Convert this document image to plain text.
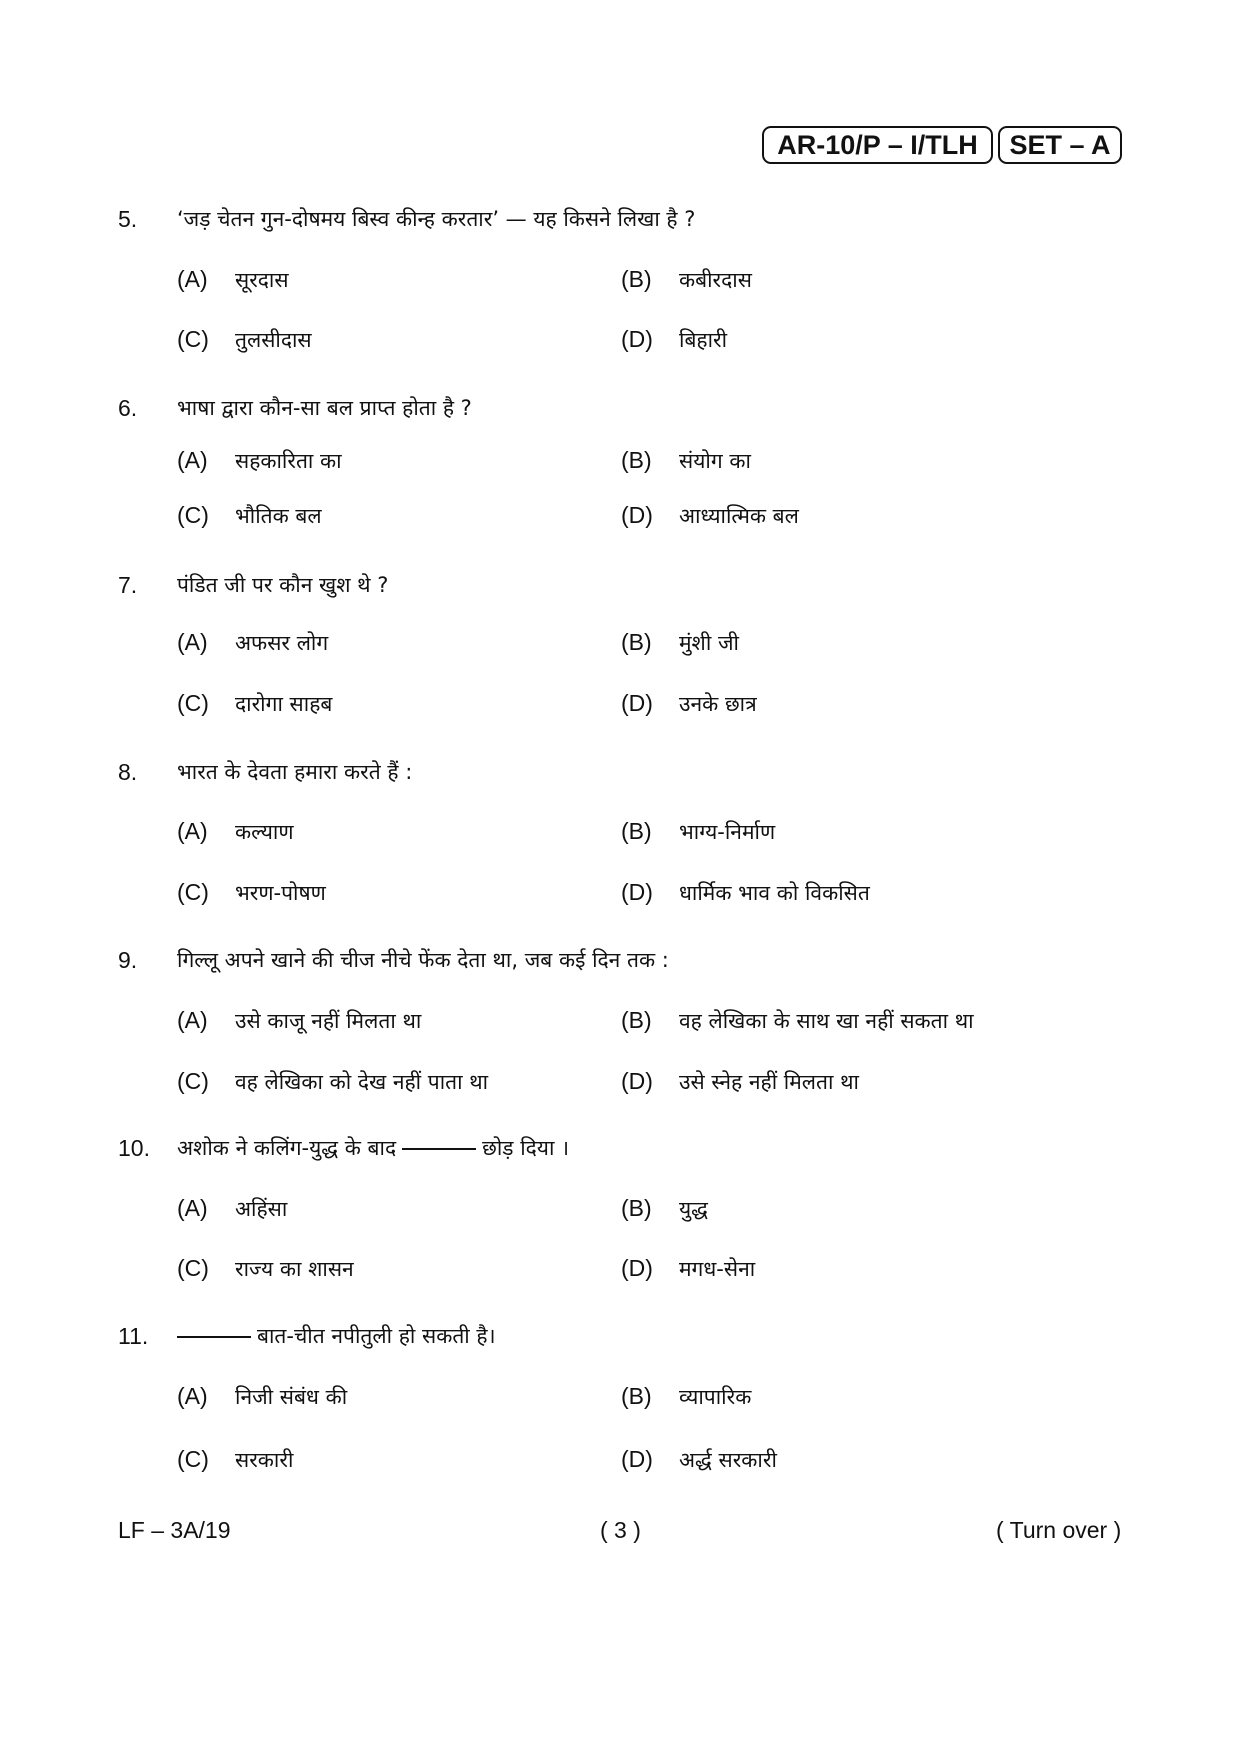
AR-10/P – I/TLH SET – A
5. ‘जड़ चेतन गुन-दोषमय बिस्व कीन्ह करतार’ — यह किसने लिखा है ?
(A) सूरदास	(B) कबीरदास
(C) तुलसीदास	(D) बिहारी
6. भाषा द्वारा कौन-सा बल प्राप्त होता है ?
(A) सहकारिता का	(B) संयोग का
(C) भौतिक बल	(D) आध्यात्मिक बल
7. पंडित जी पर कौन खुश थे ?
(A) अफसर लोग	(B) मुंशी जी
(C) दारोगा साहब	(D) उनके छात्र
8. भारत के देवता हमारा करते हैं :
(A) कल्याण	(B) भाग्य-निर्माण
(C) भरण-पोषण	(D) धार्मिक भाव को विकसित
9. गिल्लू अपने खाने की चीज नीचे फेंक देता था, जब कई दिन तक :
(A) उसे काजू नहीं मिलता था	(B) वह लेखिका के साथ खा नहीं सकता था
(C) वह लेखिका को देख नहीं पाता था	(D) उसे स्नेह नहीं मिलता था
10. अशोक ने कलिंग-युद्ध के बाद	छोड़ दिया ।
(A) अहिंसा	(B) युद्ध
(C) राज्य का शासन	(D) मगध-सेना
11.	बात-चीत नपीतुली हो सकती है।
(A) निजी संबंध की	(B) व्यापारिक
(C) सरकारी	(D) अर्द्ध सरकारी
LF – 3A/19	( 3 )	( Turn over )
